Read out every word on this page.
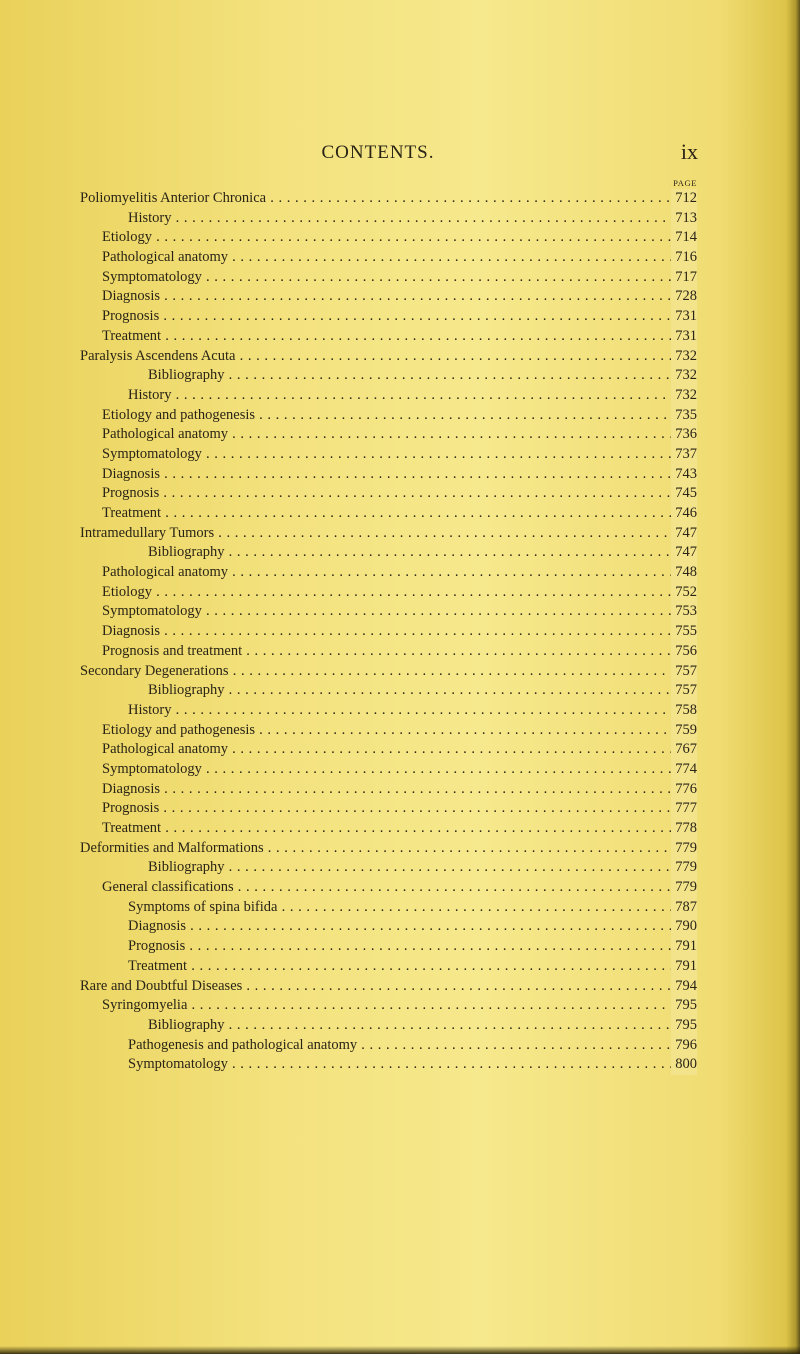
CONTENTS.	ix
PAGE
Poliomyelitis Anterior Chronica . . .	712
History . . .	713
Etiology . . .	714
Pathological anatomy . . .	716
Symptomatology . . .	717
Diagnosis . . .	728
Prognosis . . .	731
Treatment . . .	731
Paralysis Ascendens Acuta . . .	732
Bibliography . . .	732
History . . .	732
Etiology and pathogenesis . . .	735
Pathological anatomy . . .	736
Symptomatology . . .	737
Diagnosis . . .	743
Prognosis . . .	745
Treatment . . .	746
Intramedullary Tumors . . .	747
Bibliography . . .	747
Pathological anatomy . . .	748
Etiology . . .	752
Symptomatology . . .	753
Diagnosis . . .	755
Prognosis and treatment . . .	756
Secondary Degenerations . . .	757
Bibliography . . .	757
History . . .	758
Etiology and pathogenesis . . .	759
Pathological anatomy . . .	767
Symptomatology . . .	774
Diagnosis . . .	776
Prognosis . . .	777
Treatment . . .	778
Deformities and Malformations . . .	779
Bibliography . . .	779
General classifications . . .	779
Symptoms of spina bifida . . .	787
Diagnosis . . .	790
Prognosis . . .	791
Treatment . . .	791
Rare and Doubtful Diseases . . .	794
Syringomyelia . . .	795
Bibliography . . .	795
Pathogenesis and pathological anatomy . . .	796
Symptomatology . . .	800
